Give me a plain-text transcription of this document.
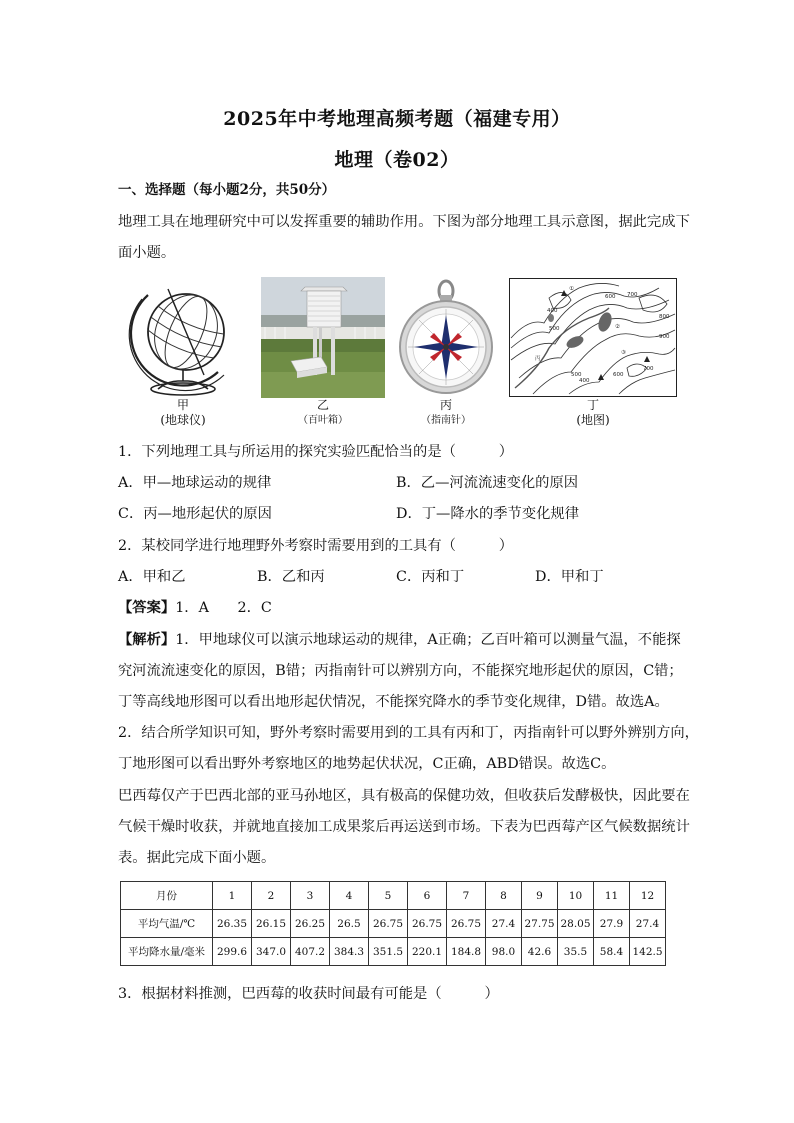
2025年中考地理高频考题（福建专用）
地理（卷02）
一、选择题（每小题2分，共50分）
地理工具在地理研究中可以发挥重要的辅助作用。下图为部分地理工具示意图，据此完成下
面小题。
甲
(地球仪)
乙
（百叶箱）
丙
（指南针）
800
900
700
600
500
400
400
500
600 700
①
②
③
丙
丁
(地图)
1．下列地理工具与所运用的探究实验匹配恰当的是（　　　）
A．甲—地球运动的规律	B．乙—河流流速变化的原因
C．丙—地形起伏的原因	D．丁—降水的季节变化规律
2．某校同学进行地理野外考察时需要用到的工具有（　　　）
A．甲和乙	B．乙和丙	C．丙和丁	D．甲和丁
【答案】1．A　　2．C
【解析】1．甲地球仪可以演示地球运动的规律，A正确；乙百叶箱可以测量气温，不能探
究河流流速变化的原因，B错；丙指南针可以辨别方向，不能探究地形起伏的原因，C错；
丁等高线地形图可以看出地形起伏情况，不能探究降水的季节变化规律，D错。故选A。
2．结合所学知识可知，野外考察时需要用到的工具有丙和丁，丙指南针可以野外辨别方向，
丁地形图可以看出野外考察地区的地势起伏状况，C正确，ABD错误。故选C。
巴西莓仅产于巴西北部的亚马孙地区，具有极高的保健功效，但收获后发酵极快，因此要在
气候干燥时收获，并就地直接加工成果浆后再运送到市场。下表为巴西莓产区气候数据统计
表。据此完成下面小题。
月份	1	2	3	4	5	6	7	8	9	10	11	12
平均气温/℃	26.35	26.15	26.25	26.5	26.75	26.75	26.75	27.4	27.75	28.05	27.9	27.4
平均降水量/毫米	299.6	347.0	407.2	384.3	351.5	220.1	184.8	98.0	42.6	35.5	58.4	142.5
3．根据材料推测，巴西莓的收获时间最有可能是（　　　）
